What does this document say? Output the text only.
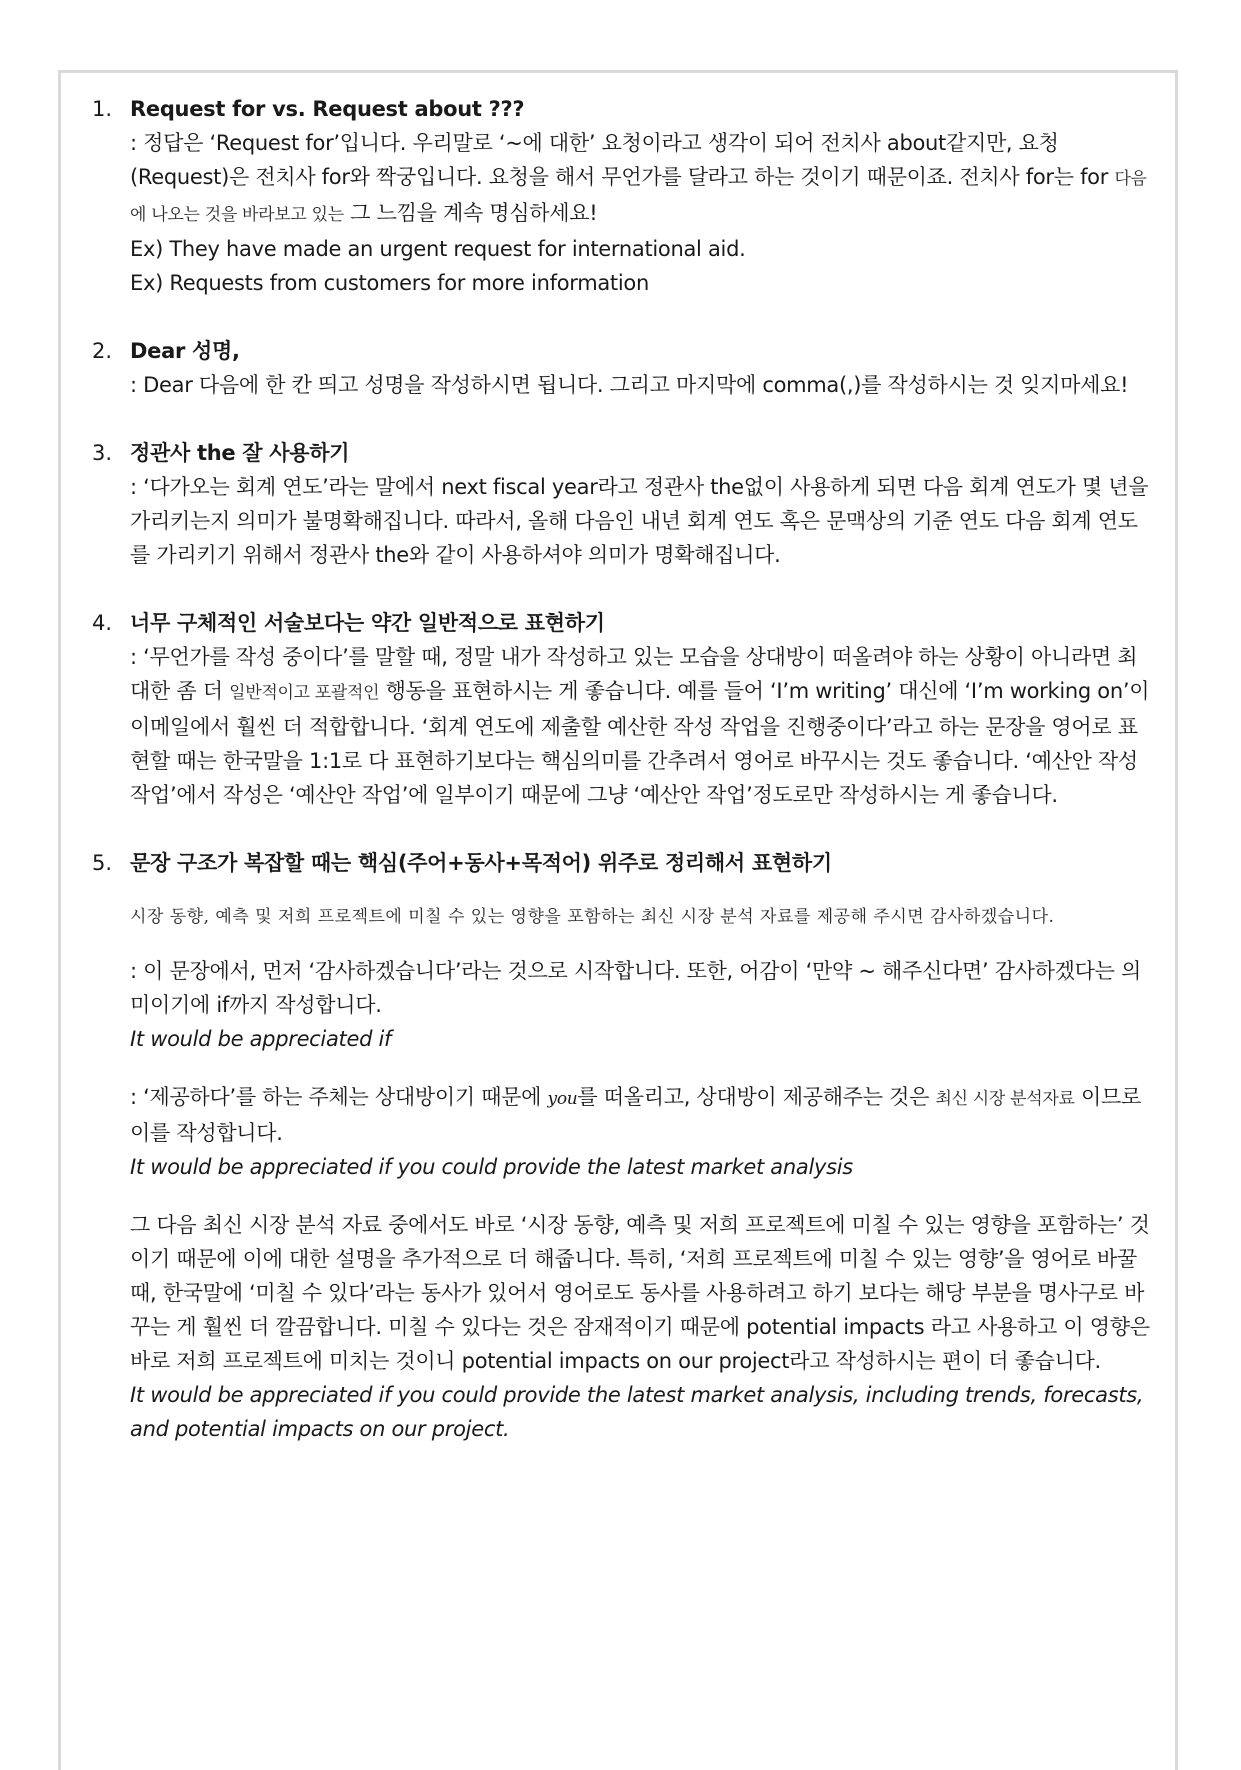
1. Request for vs. Request about ???
: 정답은 ‘Request for’입니다. 우리말로 ‘~에 대한’ 요청이라고 생각이 되어 전치사 about같지만, 요청(Request)은 전치사 for와 짝궁입니다. 요청을 해서 무언가를 달라고 하는 것이기 때문이죠. 전치사 for는 for 다음에 나오는 것을 바라보고 있는 그 느낌을 계속 명심하세요!
Ex) They have made an urgent request for international aid.
Ex) Requests from customers for more information
2. Dear 성명,
: Dear 다음에 한 칸 띄고 성명을 작성하시면 됩니다. 그리고 마지막에 comma(,)를 작성하시는 것 잊지마세요!
3. 정관사 the 잘 사용하기
: ‘다가오는 회계 연도’라는 말에서 next fiscal year라고 정관사 the없이 사용하게 되면 다음 회계 연도가 몇 년을 가리키는지 의미가 불명확해집니다. 따라서, 올해 다음인 내년 회계 연도 혹은 문맥상의 기준 연도 다음 회계 연도를 가리키기 위해서 정관사 the와 같이 사용하셔야 의미가 명확해집니다.
4. 너무 구체적인 서술보다는 약간 일반적으로 표현하기
: ‘무언가를 작성 중이다’를 말할 때, 정말 내가 작성하고 있는 모습을 상대방이 떠올려야 하는 상황이 아니라면 최대한 좀 더 일반적이고 포괄적인 행동을 표현하시는 게 좋습니다. 예를 들어 ‘I’m writing’ 대신에 ‘I’m working on’이 이메일에서 훨씬 더 적합합니다. ‘회계 연도에 제출할 예산한 작성 작업을 진행중이다’라고 하는 문장을 영어로 표현할 때는 한국말을 1:1로 다 표현하기보다는 핵심의미를 간추려서 영어로 바꾸시는 것도 좋습니다. ‘예산안 작성 작업’에서 작성은 ‘예산안 작업’에 일부이기 때문에 그냥 ‘예산안 작업’정도로만 작성하시는 게 좋습니다.
5. 문장 구조가 복잡할 때는 핵심(주어+동사+목적어) 위주로 정리해서 표현하기
시장 동향, 예측 및 저희 프로젝트에 미칠 수 있는 영향을 포함하는 최신 시장 분석 자료를 제공해 주시면 감사하겠습니다.
: 이 문장에서, 먼저 ‘감사하겠습니다’라는 것으로 시작합니다. 또한, 어감이 ‘만약 ~ 해주신다면’ 감사하겠다는 의미이기에 if까지 작성합니다.
It would be appreciated if
: ‘제공하다’를 하는 주체는 상대방이기 때문에 you를 떠올리고, 상대방이 제공해주는 것은 최신 시장 분석자료 이므로 이를 작성합니다.
It would be appreciated if you could provide the latest market analysis
그 다음 최신 시장 분석 자료 중에서도 바로 ‘시장 동향, 예측 및 저희 프로젝트에 미칠 수 있는 영향을 포함하는’ 것이기 때문에 이에 대한 설명을 추가적으로 더 해줍니다. 특히, ‘저희 프로젝트에 미칠 수 있는 영향’을 영어로 바꿀 때, 한국말에 ‘미칠 수 있다’라는 동사가 있어서 영어로도 동사를 사용하려고 하기 보다는 해당 부분을 명사구로 바꾸는 게 훨씬 더 깔끔합니다. 미칠 수 있다는 것은 잠재적이기 때문에 potential impacts 라고 사용하고 이 영향은 바로 저희 프로젝트에 미치는 것이니 potential impacts on our project라고 작성하시는 편이 더 좋습니다.
It would be appreciated if you could provide the latest market analysis, including trends, forecasts, and potential impacts on our project.
